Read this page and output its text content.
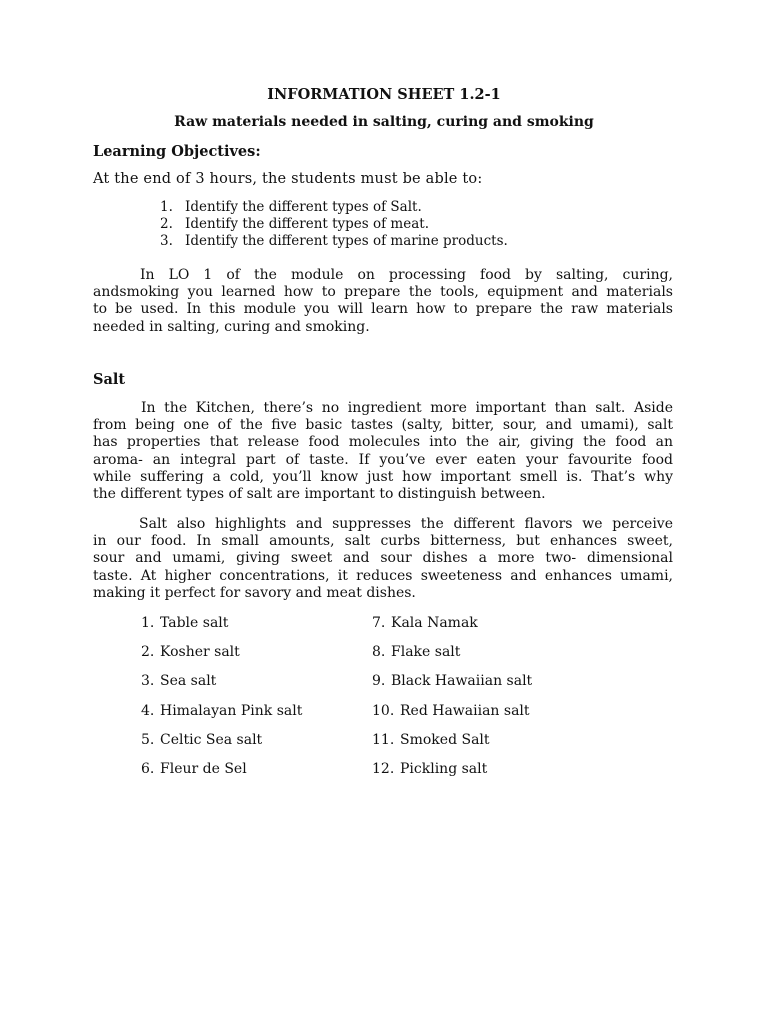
INFORMATION SHEET 1.2-1
Raw materials needed in salting, curing and smoking
Learning Objectives:
At the end of 3 hours, the students must be able to:
1. Identify the different types of Salt.
2. Identify the different types of meat.
3. Identify the different types of marine products.
In LO 1 of the module on processing food by salting, curing,
andsmoking you learned how to prepare the tools, equipment and materials
to be used. In this module you will learn how to prepare the raw materials
needed in salting, curing and smoking.
Salt
In the Kitchen, there’s no ingredient more important than salt. Aside
from being one of the five basic tastes (salty, bitter, sour, and umami), salt
has properties that release food molecules into the air, giving the food an
aroma- an integral part of taste. If you’ve ever eaten your favourite food
while suffering a cold, you’ll know just how important smell is. That’s why
the different types of salt are important to distinguish between.
Salt also highlights and suppresses the different flavors we perceive
in our food. In small amounts, salt curbs bitterness, but enhances sweet,
sour and umami, giving sweet and sour dishes a more two- dimensional
taste. At higher concentrations, it reduces sweeteness and enhances umami,
making it perfect for savory and meat dishes.
1. Table salt
2. Kosher salt
3. Sea salt
4. Himalayan Pink salt
5. Celtic Sea salt
6. Fleur de Sel
7. Kala Namak
8. Flake salt
9. Black Hawaiian salt
10. Red Hawaiian salt
11. Smoked Salt
12. Pickling salt
